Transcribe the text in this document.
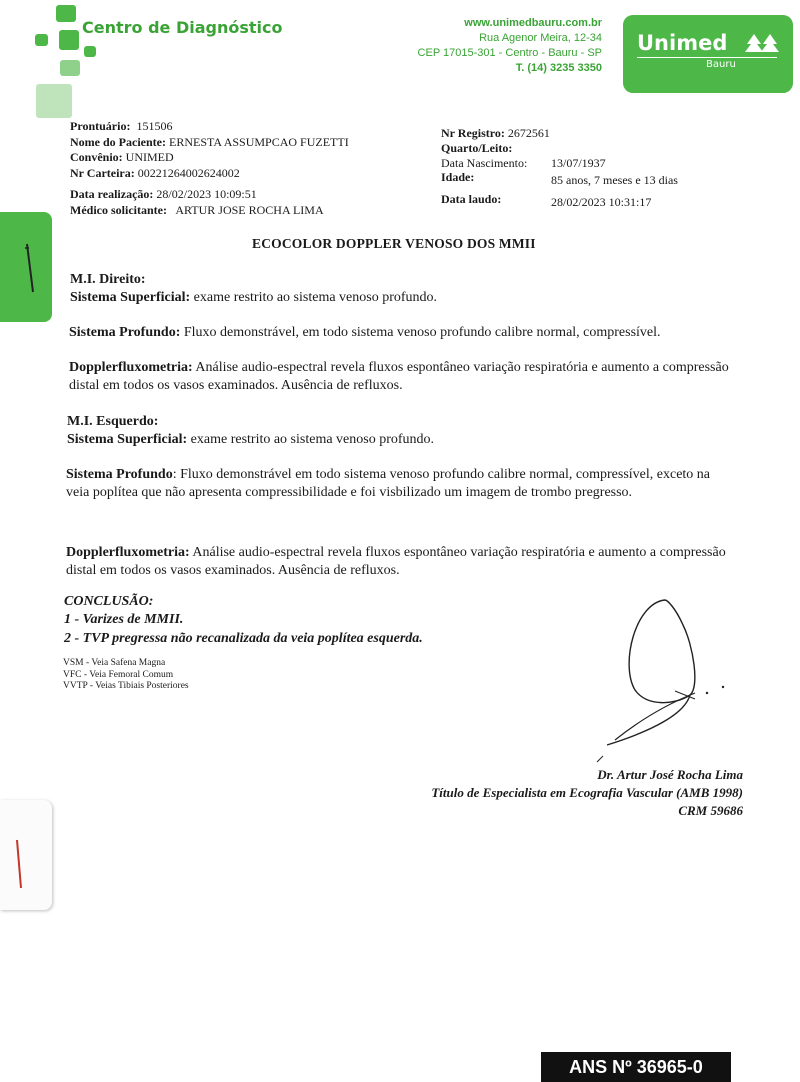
Centro de Diagnóstico	www.unimedbauru.com.br
Rua Agenor Meira, 12-34
CEP 17015-301 - Centro - Bauru - SP
T. (14) 3235 3350
Unimed
Bauru
Prontuário: 151506
Nome do Paciente: ERNESTA ASSUMPCAO FUZETTI
Convênio: UNIMED
Nr Carteira: 00221264002624002
Data realização: 28/02/2023 10:09:51
Médico solicitante: ARTUR JOSE ROCHA LIMA
Nr Registro: 2672561
Quarto/Leito:
Data Nascimento: 13/07/1937
Idade:	85 anos, 7 meses e 13 dias
Data laudo:	28/02/2023 10:31:17
ECOCOLOR DOPPLER VENOSO DOS MMII
M.I. Direito:
Sistema Superficial: exame restrito ao sistema venoso profundo.
Sistema Profundo: Fluxo demonstrável, em todo sistema venoso profundo calibre normal, compressível.
Dopplerfluxometria: Análise audio-espectral revela fluxos espontâneo variação respiratória e aumento a compressão distal em todos os vasos examinados. Ausência de refluxos.
M.I. Esquerdo:
Sistema Superficial: exame restrito ao sistema venoso profundo.
Sistema Profundo: Fluxo demonstrável em todo sistema venoso profundo calibre normal, compressível, exceto na veia poplítea que não apresenta compressibilidade e foi visbilizado um imagem de trombo pregresso.
Dopplerfluxometria: Análise audio-espectral revela fluxos espontâneo variação respiratória e aumento a compressão distal em todos os vasos examinados. Ausência de refluxos.
CONCLUSÃO:
1 - Varizes de MMII.
2 - TVP pregressa não recanalizada da veia poplítea esquerda.
VSM - Veia Safena Magna
VFC - Veia Femoral Comum
VVTP - Veias Tibiais Posteriores
Dr. Artur José Rocha Lima
Título de Especialista em Ecografia Vascular (AMB 1998)
CRM 59686
ANS Nº 36965-0
